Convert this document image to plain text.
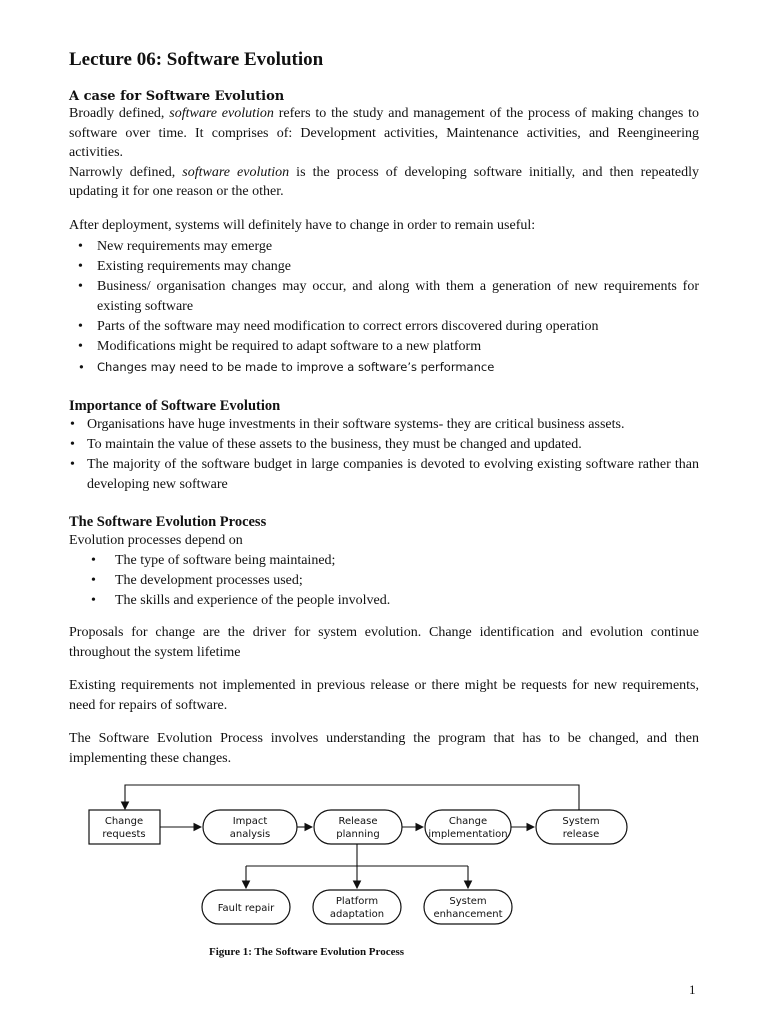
Lecture 06: Software Evolution
A case for Software Evolution

Broadly defined, software evolution refers to the study and management of the process of making changes to software over time. It comprises of: Development activities, Maintenance activities, and Reengineering activities.

Narrowly defined, software evolution is the process of developing software initially, and then repeatedly updating it for one reason or the other.

After deployment, systems will definitely have to change in order to remain useful:

• New requirements may emerge
• Existing requirements may change
• Business/ organisation changes may occur, and along with them a generation of new requirements for existing software
• Parts of the software may need modification to correct errors discovered during operation
• Modifications might be required to adapt software to a new platform
• Changes may need to be made to improve a software’s performance
Importance of Software Evolution
• Organisations have huge investments in their software systems- they are critical business assets.
• To maintain the value of these assets to the business, they must be changed and updated.
• The majority of the software budget in large companies is devoted to evolving existing software rather than developing new software
The Software Evolution Process

Evolution processes depend on

• The type of software being maintained;
• The development processes used;
• The skills and experience of the people involved.

Proposals for change are the driver for system evolution. Change identification and evolution continue throughout the system lifetime

Existing requirements not implemented in previous release or there might be requests for new requirements, need for repairs of software.

The Software Evolution Process involves understanding the program that has to be changed, and then implementing these changes.

Change
requests
Impact
analysis
Release
planning
Change
implementation
System
release
Fault repair
Platform
adaptation
System
enhancement
Figure 1: The Software Evolution Process
1
